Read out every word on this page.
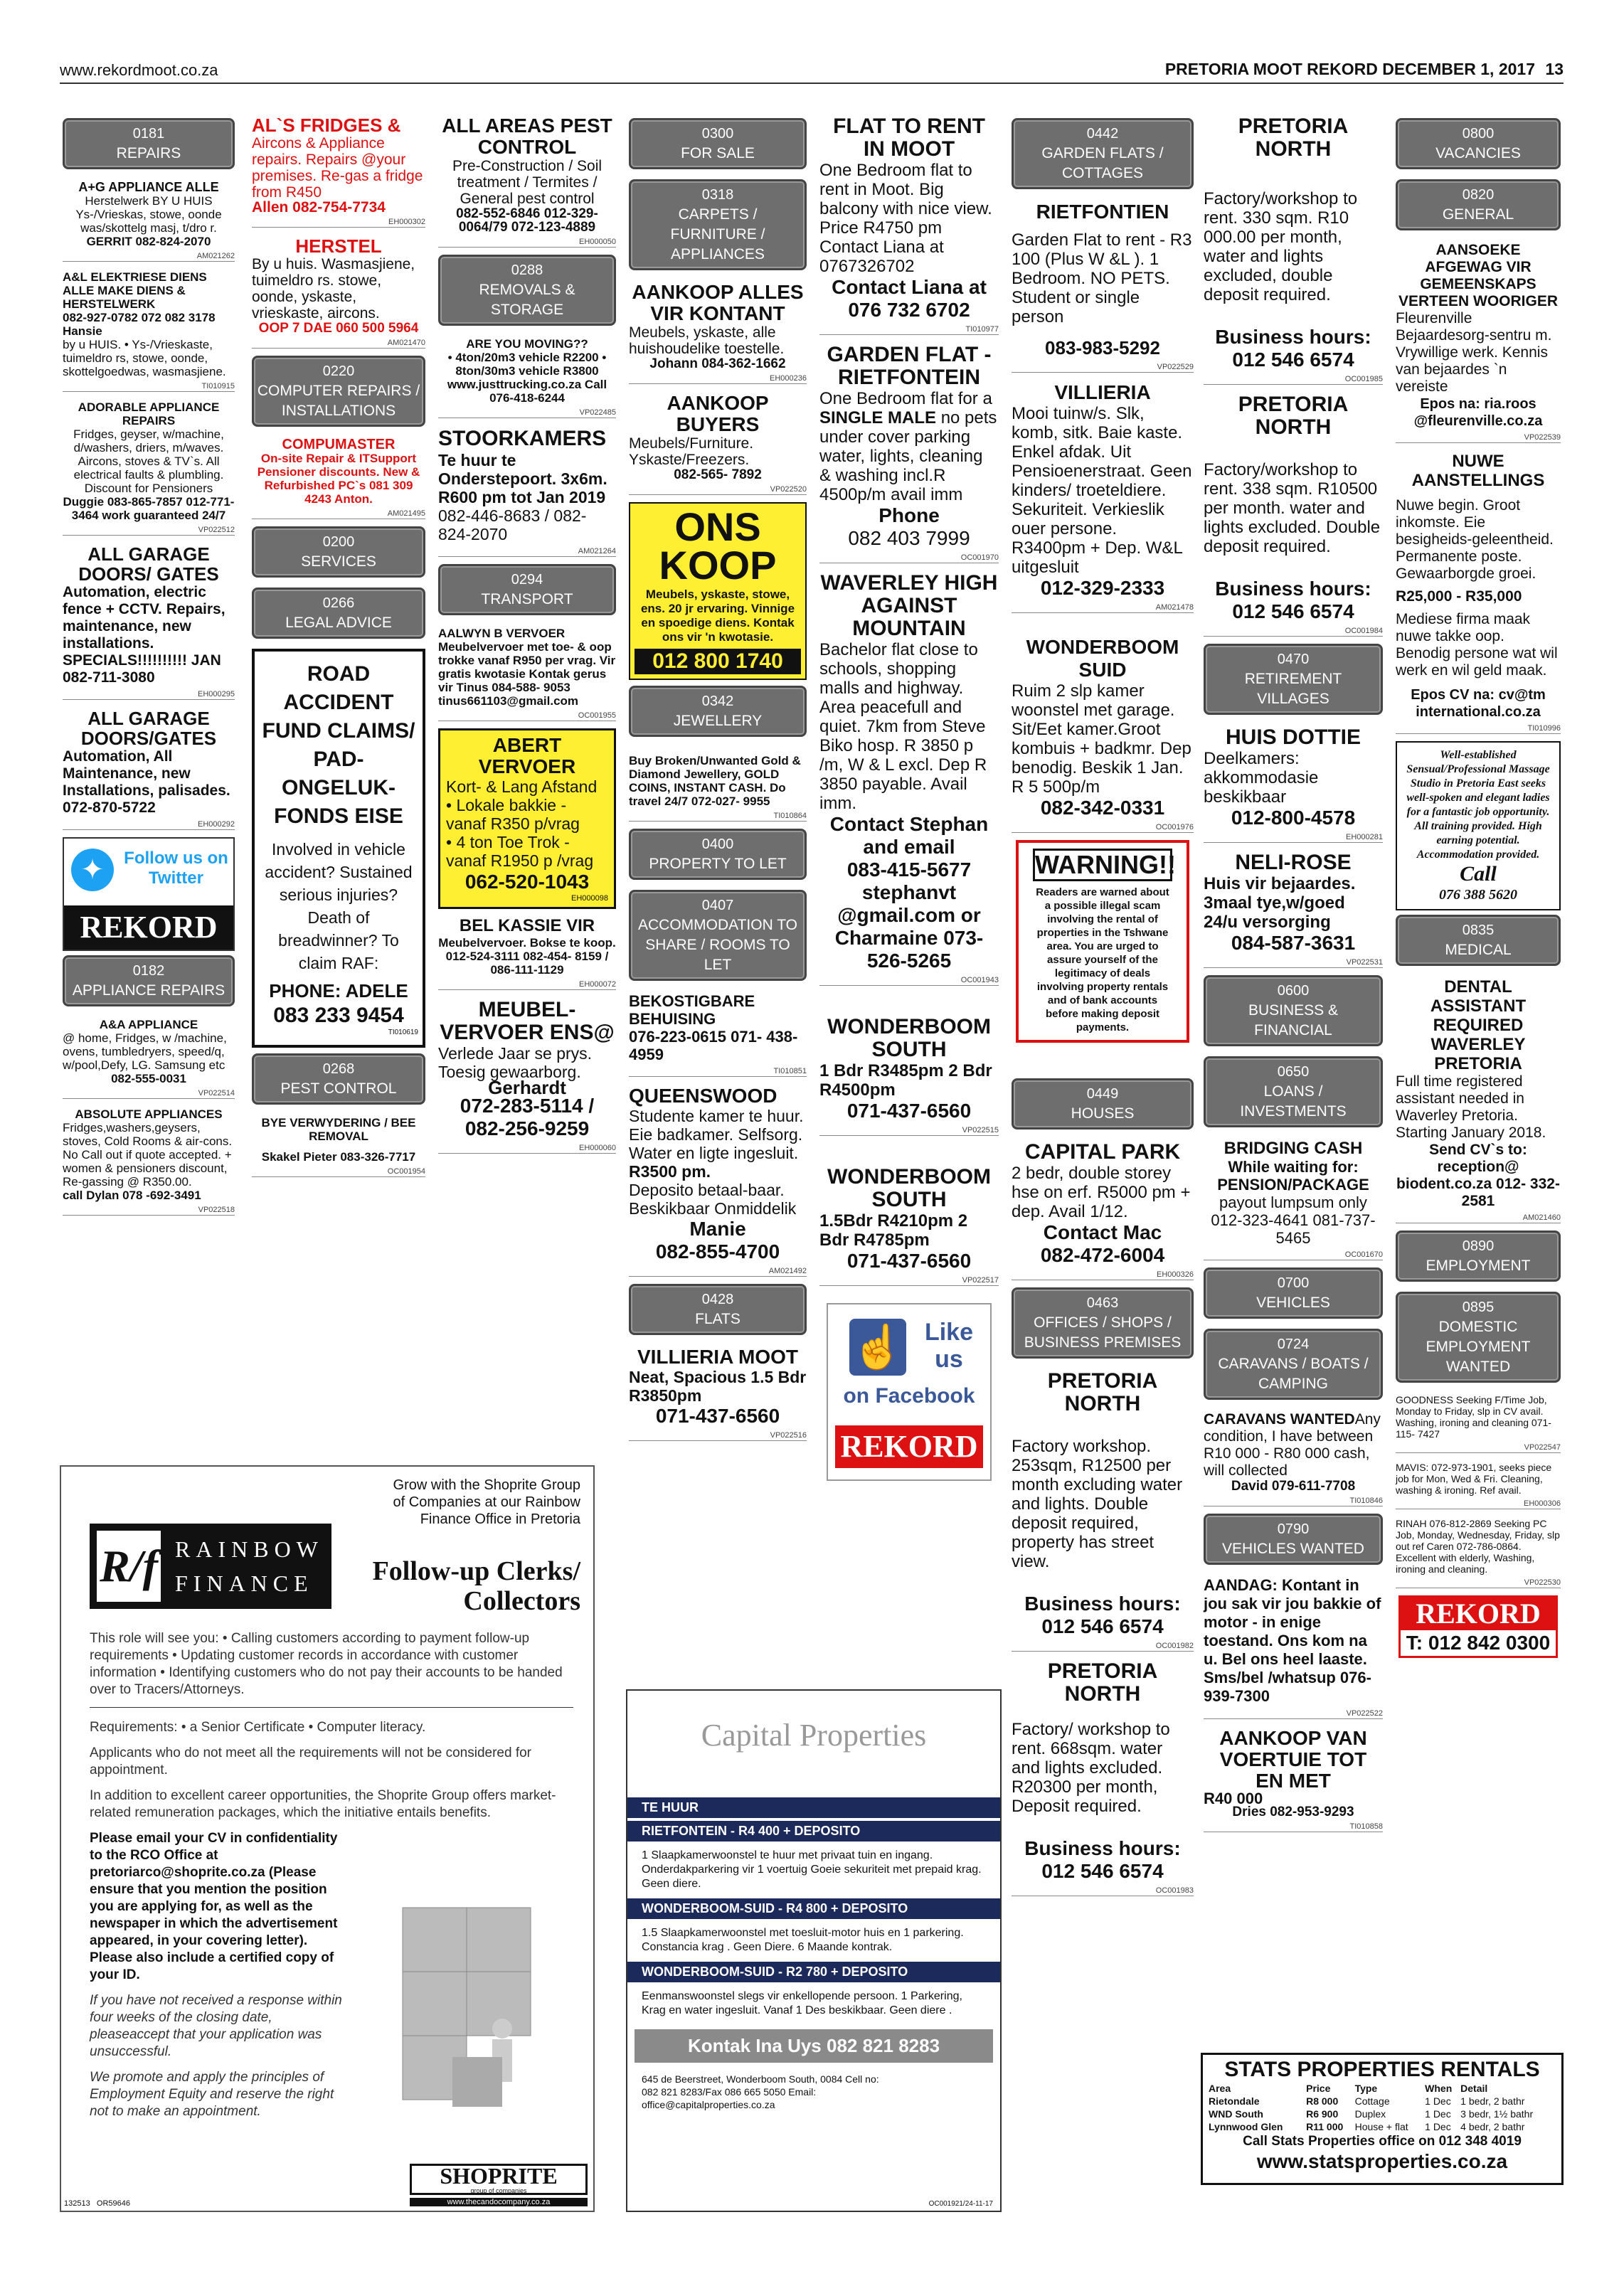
www.rekordmoot.co.za	PRETORIA MOOT REKORD DECEMBER 1, 2017 13
0181
REPAIRS
A+G APPLIANCE ALLE
Herstelwerk BY U HUIS Ys-/Vrieskas, stowe, oonde was/skottelg masj, t/dro r.
GERRIT 082-824-2070
AM021262
A&L ELEKTRIESE DIENS ALLE MAKE DIENS & HERSTELWERK
082-927-0782 072 082 3178 Hansie
by u HUIS. • Ys-/Vrieskaste, tuimeldro rs, stowe, oonde, skottelgoedwas, wasmasjiene.
TI010915
ADORABLE APPLIANCE REPAIRS
Fridges, geyser, w/machine, d/washers, driers, m/waves. Aircons, stoves & TV`s. All electrical faults & plumbling. Discount for Pensioners
Duggie 083-865-7857 012-771-3464 work guaranteed 24/7
VP022512
ALL GARAGE DOORS/ GATES
Automation, electric fence + CCTV. Repairs, maintenance, new installations. SPECIALS!!!!!!!!!! JAN 082-711-3080
EH000295
ALL GARAGE DOORS/GATES
Automation, All Maintenance, new Installations, palisades. 072-870-5722
EH000292
✦	Follow us on Twitter
REKORD
0182
APPLIANCE REPAIRS
A&A APPLIANCE
@ home, Fridges, w /machine, ovens, tumbledryers, speed/q, w/pool,Defy, LG. Samsung etc
082-555-0031
VP022514
ABSOLUTE APPLIANCES
Fridges,washers,geysers, stoves, Cold Rooms & air-cons. No Call out if quote accepted. + women & pensioners discount, Re-gassing @ R350.00.
call Dylan 078 -692-3491
VP022518
AL`S FRIDGES &
Aircons & Appliance repairs. Repairs @your premises. Re-gas a fridge from R450
Allen 082-754-7734
EH000302
HERSTEL
By u huis. Wasmasjiene, tuimeldro rs. stowe, oonde, yskaste, vrieskaste, aircons.
OOP 7 DAE 060 500 5964
AM021470
0220
COMPUTER REPAIRS / INSTALLATIONS
COMPUMASTER
On-site Repair & ITSupport Pensioner discounts. New & Refurbished PC`s 081 309 4243 Anton.
AM021495
0200
SERVICES
0266
LEGAL ADVICE
ROAD ACCIDENT FUND CLAIMS/ PAD-ONGELUK-FONDS EISE
Involved in vehicle accident? Sustained serious injuries? Death of breadwinner? To claim RAF:
PHONE: ADELE
083 233 9454
TI010619
0268
PEST CONTROL
BYE VERWYDERING / BEE REMOVAL
Skakel Pieter 083-326-7717
OC001954
ALL AREAS PEST CONTROL
Pre-Construction / Soil treatment / Termites / General pest control
082-552-6846 012-329-0064/79 072-123-4889
EH000050
0288
REMOVALS & STORAGE
ARE YOU MOVING??
• 4ton/20m3 vehicle R2200 • 8ton/30m3 vehicle R3800 www.justtrucking.co.za Call 076-418-6244
VP022485
STOORKAMERS
Te huur te Onderstepoort. 3x6m. R600 pm tot Jan 2019
082-446-8683 / 082-824-2070
AM021264
0294
TRANSPORT
AALWYN B VERVOER
Meubelvervoer met toe- & oop trokke vanaf R950 per vrag. Vir gratis kwotasie Kontak gerus vir Tinus 084-588- 9053 tinus661103@gmail.com
OC001955
ABERT VERVOER
Kort- & Lang Afstand
• Lokale bakkie - vanaf R350 p/vrag
• 4 ton Toe Trok - vanaf R1950 p /vrag
062-520-1043
EH000098
BEL KASSIE VIR
Meubelvervoer. Bokse te koop. 012-524-3111 082-454- 8159 / 086-111-1129
EH000072
MEUBEL-VERVOER ENS@
Verlede Jaar se prys. Toesig gewaarborg.
Gerhardt
072-283-5114 / 082-256-9259
EH000060
0300
FOR SALE
0318
CARPETS / FURNITURE / APPLIANCES
AANKOOP ALLES VIR KONTANT
Meubels, yskaste, alle huishoudelike toestelle.
Johann 084-362-1662
EH000236
AANKOOP BUYERS
Meubels/Furniture. Yskaste/Freezers.
082-565- 7892
VP022520
ONS KOOP
Meubels, yskaste, stowe, ens. 20 jr ervaring. Vinnige en spoedige diens. Kontak ons vir 'n kwotasie.
012 800 1740
0342
JEWELLERY
Buy Broken/Unwanted Gold & Diamond Jewellery, GOLD COINS, INSTANT CASH. Do travel 24/7 072-027- 9955
TI010864
0400
PROPERTY TO LET
0407
ACCOMMODATION TO SHARE / ROOMS TO LET
BEKOSTIGBARE BEHUISING
076-223-0615 071- 438-4959
TI010851
QUEENSWOOD
Studente kamer te huur. Eie badkamer. Selfsorg. Water en ligte ingesluit.
R3500 pm.
Deposito betaal-baar. Beskikbaar Onmiddelik
Manie
082-855-4700
AM021492
0428
FLATS
VILLIERIA MOOT
Neat, Spacious 1.5 Bdr R3850pm
071-437-6560
VP022516
FLAT TO RENT IN MOOT
One Bedroom flat to rent in Moot. Big balcony with nice view. Price R4750 pm Contact Liana at 0767326702
Contact Liana at 076 732 6702
TI010977
GARDEN FLAT - RIETFONTEIN
One Bedroom flat for a SINGLE MALE no pets under cover parking water, lights, cleaning & washing incl.R 4500p/m avail imm
Phone
082 403 7999
OC001970
WAVERLEY HIGH AGAINST MOUNTAIN
Bachelor flat close to schools, shopping malls and highway. Area peacefull and quiet. 7km from Steve Biko hosp. R 3850 p /m, W & L excl. Dep R 3850 payable. Avail imm.
Contact Stephan and email
083-415-5677 stephanvt @gmail.com or Charmaine 073-526-5265
OC001943
WONDERBOOM SOUTH
1 Bdr R3485pm 2 Bdr R4500pm
071-437-6560
VP022515
WONDERBOOM SOUTH
1.5Bdr R4210pm 2 Bdr R4785pm
071-437-6560
VP022517
☝ Like us
on Facebook
REKORD
0442
GARDEN FLATS / COTTAGES
RIETFONTIEN
Garden Flat to rent - R3 100 (Plus W &L ). 1 Bedroom. NO PETS. Student or single person
083-983-5292
VP022529
VILLIERIA
Mooi tuinw/s. Slk, komb, sitk. Baie kaste. Enkel afdak. Uit Pensioenerstraat. Geen kinders/ troeteldiere. Sekuriteit. Verkieslik ouer persone. R3400pm + Dep. W&L uitgesluit
012-329-2333
AM021478
WONDERBOOM SUID
Ruim 2 slp kamer woonstel met garage. Sit/Eet kamer.Groot kombuis + badkmr. Dep benodig. Beskik 1 Jan. R 5 500p/m
082-342-0331
OC001976
WARNING!!
Readers are warned about a possible illegal scam involving the rental of properties in the Tshwane area. You are urged to assure yourself of the legitimacy of deals involving property rentals and of bank accounts before making deposit payments.
0449
HOUSES
CAPITAL PARK
2 bedr, double storey hse on erf. R5000 pm + dep. Avail 1/12.
Contact Mac
082-472-6004
EH000326
0463
OFFICES / SHOPS / BUSINESS PREMISES
PRETORIA NORTH
Factory workshop. 253sqm, R12500 per month excluding water and lights. Double deposit required, property has street view.
Business hours: 012 546 6574
OC001982
PRETORIA NORTH
Factory/ workshop to rent. 668sqm. water and lights excluded. R20300 per month, Deposit required.
Business hours: 012 546 6574
OC001983
PRETORIA NORTH
Factory/workshop to rent. 330 sqm. R10 000.00 per month, water and lights excluded, double deposit required.
Business hours: 012 546 6574
OC001985
PRETORIA NORTH
Factory/workshop to rent. 338 sqm. R10500 per month. water and lights excluded. Double deposit required.
Business hours: 012 546 6574
OC001984
0470
RETIREMENT VILLAGES
HUIS DOTTIE
Deelkamers: akkommodasie beskikbaar
012-800-4578
EH000281
NELI-ROSE
Huis vir bejaardes. 3maal tye,w/goed 24/u versorging
084-587-3631
VP022531
0600
BUSINESS & FINANCIAL
0650
LOANS / INVESTMENTS
BRIDGING CASH
While waiting for: PENSION/PACKAGE
payout lumpsum only 012-323-4641 081-737-5465
OC001670
0700
VEHICLES
0724
CARAVANS / BOATS / CAMPING
CARAVANS WANTEDAny condition, I have between R10 000 - R80 000 cash, will collected
David 079-611-7708
TI010846
0790
VEHICLES WANTED
AANDAG: Kontant in jou sak vir jou bakkie of motor - in enige toestand. Ons kom na u. Bel ons heel laaste. Sms/bel /whatsup 076-939-7300
VP022522
AANKOOP VAN VOERTUIE TOT EN MET
R40 000
Dries 082-953-9293
TI010858
0800
VACANCIES
0820
GENERAL
AANSOEKE AFGEWAG VIR GEMEENSKAPS VERTEEN WOORIGER
Fleurenville Bejaardesorg-sentru m. Vrywillige werk. Kennis van bejaardes `n vereiste
Epos na: ria.roos @fleurenville.co.za
VP022539
NUWE AANSTELLINGS
Nuwe begin. Groot inkomste. Eie besigheids-geleentheid. Permanente poste. Gewaarborgde groei.
R25,000 - R35,000
Mediese firma maak nuwe takke oop. Benodig persone wat wil werk en wil geld maak.
Epos CV na: cv@tm international.co.za
TI010996
Well-established Sensual/Professional Massage Studio in Pretoria East seeks well-spoken and elegant ladies for a fantastic job opportunity. All training provided. High earning potential. Accommodation provided.
Call
076 388 5620
0835
MEDICAL
DENTAL ASSISTANT REQUIRED WAVERLEY PRETORIA
Full time registered assistant needed in Waverley Pretoria. Starting January 2018.
Send CV`s to: reception@ biodent.co.za 012- 332-2581
AM021460
0890
EMPLOYMENT
0895
DOMESTIC EMPLOYMENT WANTED
GOODNESS Seeking F/Time Job, Monday to Friday, slp in CV avail. Washing, ironing and cleaning 071-115- 7427
VP022547
MAVIS: 072-973-1901, seeks piece job for Mon, Wed & Fri. Cleaning, washing & ironing. Ref avail.
EH000306
RINAH 076-812-2869 Seeking PC Job, Monday, Wednesday, Friday, slp out ref Caren 072-786-0864. Excellent with elderly, Washing, ironing and cleaning.
VP022530
REKORD
T: 012 842 0300
STATS PROPERTIES RENTALS
Area	Price	Type	When	Detail
Rietondale	R8 000	Cottage	1 Dec	1 bedr, 2 bathr
WND South	R6 900	Duplex	1 Dec	3 bedr, 1½ bathr
Lynnwood Glen	R11 000	House + flat	1 Dec	4 bedr, 2 bathr
Call Stats Properties office on 012 348 4019
www.statsproperties.co.za
Grow with the Shoprite Group of Companies at our Rainbow Finance Office in Pretoria
R/f RAINBOW
FINANCE	Follow-up Clerks/ Collectors
This role will see you: • Calling customers according to payment follow-up requirements • Updating customer records in accordance with customer information • Identifying customers who do not pay their accounts to be handed over to Tracers/Attorneys.
Requirements: • a Senior Certificate • Computer literacy.
Applicants who do not meet all the requirements will not be considered for appointment.
In addition to excellent career opportunities, the Shoprite Group offers market-related remuneration packages, which the initiative entails benefits.
Please email your CV in confidentiality to the RCO Office at pretoriarco@shoprite.co.za (Please ensure that you mention the position you are applying for, as well as the newspaper in which the advertisement appeared, in your covering letter). Please also include a certified copy of your ID.
If you have not received a response within four weeks of the closing date, pleaseaccept that your application was unsuccessful.
We promote and apply the principles of Employment Equity and reserve the right not to make an appointment.
SHOPRITE
group of companies
www.thecandocompany.co.za
132513 OR59646
Capital Properties
TE HUUR
RIETFONTEIN - R4 400 + DEPOSITO
1 Slaapkamerwoonstel te huur met privaat tuin en ingang. Onderdakparkering vir 1 voertuig Goeie sekuriteit met prepaid krag. Geen diere.
WONDERBOOM-SUID - R4 800 + DEPOSITO
1.5 Slaapkamerwoonstel met toesluit-motor huis en 1 parkering. Constancia krag . Geen Diere. 6 Maande kontrak.
WONDERBOOM-SUID - R2 780 + DEPOSITO
Eenmanswoonstel slegs vir enkellopende persoon. 1 Parkering, Krag en water ingesluit. Vanaf 1 Des beskikbaar. Geen diere .
Kontak Ina Uys 082 821 8283
645 de Beerstreet, Wonderboom South, 0084 Cell no: 082 821 8283/Fax 086 665 5050 Email: office@capitalproperties.co.za
OC001921/24-11-17
